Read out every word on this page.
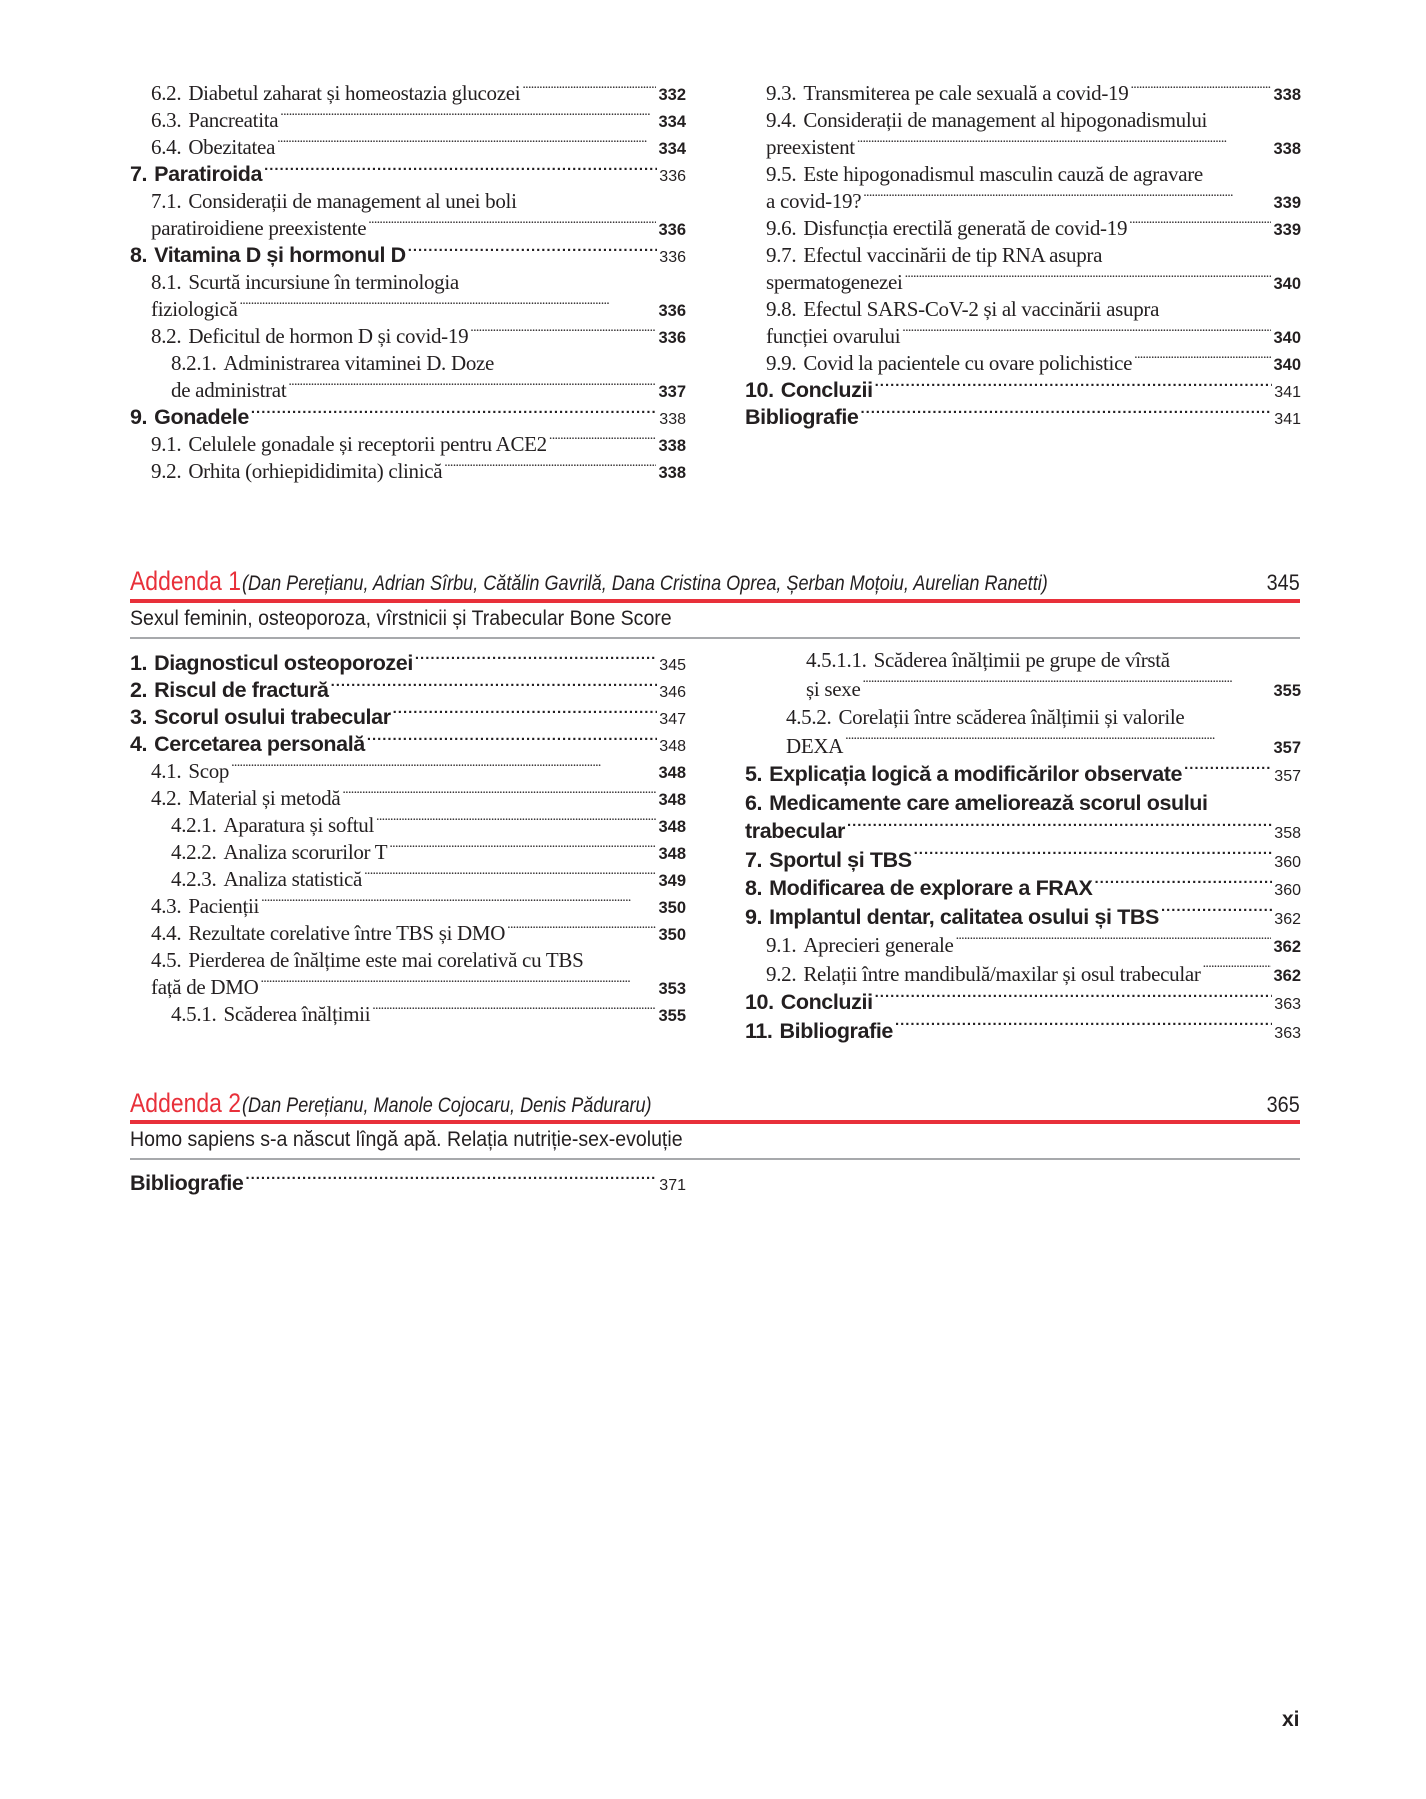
6.2. Diabetul zaharat și homeostazia glucozei . . .	332
6.3. Pancreatita . . .	334
6.4. Obezitatea . . .	334
7. Paratiroida . . .	336
7.1. Considerații de management al unei boli
paratiroidiene preexistente . . .	336
8. Vitamina D și hormonul D . . .	336
8.1. Scurtă incursiune în terminologia
fiziologică . . .	336
8.2. Deficitul de hormon D și covid-19 . . .	336
8.2.1. Administrarea vitaminei D. Doze
de administrat . . .	337
9. Gonadele . . .	338
9.1. Celulele gonadale și receptorii pentru ACE2 . . .	338
9.2. Orhita (orhiepididimita) clinică . . .	338
9.3. Transmiterea pe cale sexuală a covid-19 . . .	338
9.4. Considerații de management al hipogonadismului
preexistent . . .	338
9.5. Este hipogonadismul masculin cauză de agravare
a covid-19? . . .	339
9.6. Disfuncția erectilă generată de covid-19 . . .	339
9.7. Efectul vaccinării de tip RNA asupra
spermatogenezei . . .	340
9.8. Efectul SARS-CoV-2 și al vaccinării asupra
funcției ovarului . . .	340
9.9. Covid la pacientele cu ovare polichistice . . .	340
10. Concluzii . . .	341
Bibliografie . . .	341
Addenda 1 (Dan Perețianu, Adrian Sîrbu, Cătălin Gavrilă, Dana Cristina Oprea, Șerban Moțoiu, Aurelian Ranetti)	345
Sexul feminin, osteoporoza, vîrstnicii și Trabecular Bone Score
1. Diagnosticul osteoporozei . . .	345
2. Riscul de fractură . . .	346
3. Scorul osului trabecular . . .	347
4. Cercetarea personală . . .	348
4.1. Scop . . .	348
4.2. Material și metodă . . .	348
4.2.1. Aparatura și softul . . .	348
4.2.2. Analiza scorurilor T . . .	348
4.2.3. Analiza statistică . . .	349
4.3. Pacienții . . .	350
4.4. Rezultate corelative între TBS și DMO . . .	350
4.5. Pierderea de înălțime este mai corelativă cu TBS
față de DMO . . .	353
4.5.1. Scăderea înălțimii . . .	355
4.5.1.1. Scăderea înălțimii pe grupe de vîrstă
și sexe . . .	355
4.5.2. Corelații între scăderea înălțimii și valorile
DEXA . . .	357
5. Explicația logică a modificărilor observate . . .	357
6. Medicamente care ameliorează scorul osului
trabecular . . .	358
7. Sportul și TBS . . .	360
8. Modificarea de explorare a FRAX . . .	360
9. Implantul dentar, calitatea osului și TBS . . .	362
9.1. Aprecieri generale . . .	362
9.2. Relații între mandibulă/maxilar și osul trabecular . . .	362
10. Concluzii . . .	363
11. Bibliografie . . .	363
Addenda 2 (Dan Perețianu, Manole Cojocaru, Denis Păduraru)	365
Homo sapiens s-a născut lîngă apă. Relația nutriție-sex-evoluție
Bibliografie . . .	371
xi
